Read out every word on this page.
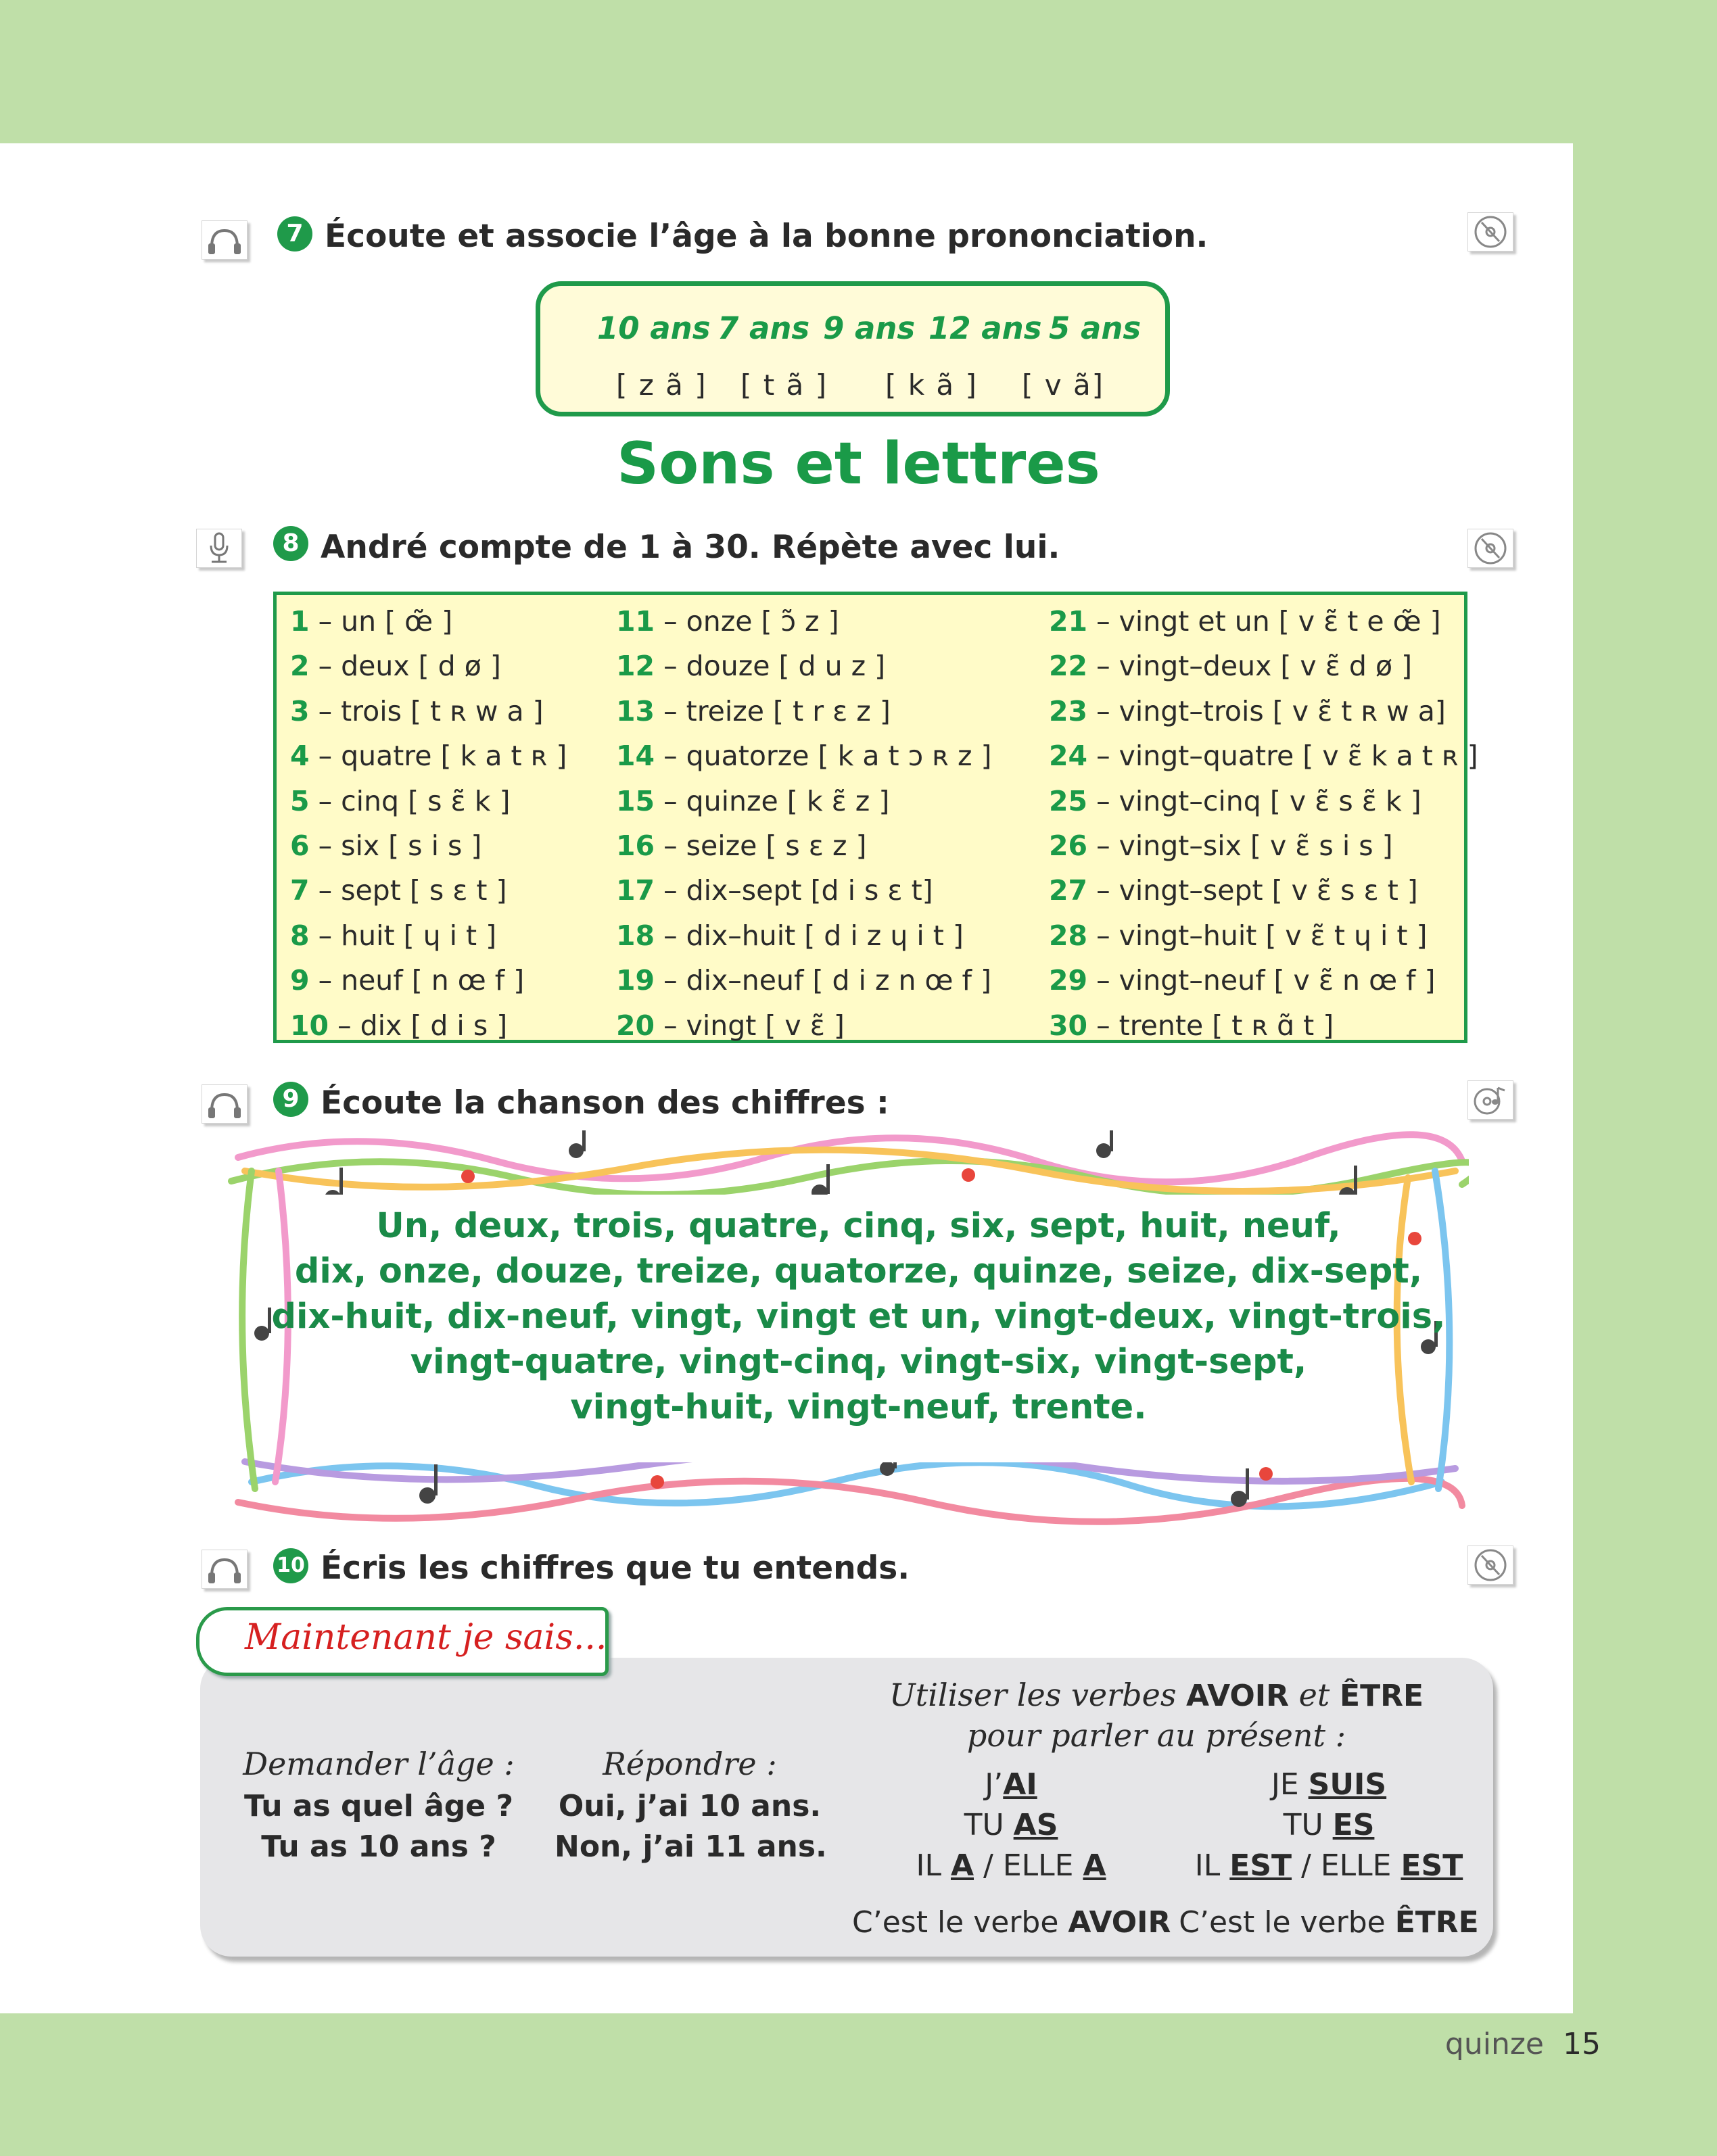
7 Écoute et associe l’âge à la bonne prononciation.
10 ans 7 ans 9 ans 12 ans 5 ans
[ z ã ] [ t ã ] [ k ã ] [ v ã]
Sons et lettres
8 André compte de 1 à 30. Répète avec lui.
1 – un [ œ̃ ]
2 – deux [ d ø ]
3 – trois [ t ʀ w a ]
4 – quatre [ k a t ʀ ]
5 – cinq [ s ɛ̃ k ]
6 – six [ s i s ]
7 – sept [ s ɛ t ]
8 – huit [ ɥ i t ]
9 – neuf [ n œ f ]
10 – dix [ d i s ]
11 – onze [ ɔ̃ z ]
12 – douze [ d u z ]
13 – treize [ t r ɛ z ]
14 – quatorze [ k a t ɔ ʀ z ]
15 – quinze [ k ɛ̃ z ]
16 – seize [ s ɛ z ]
17 – dix–sept [d i s ɛ t]
18 – dix–huit [ d i z ɥ i t ]
19 – dix–neuf [ d i z n œ f ]
20 – vingt [ v ɛ̃ ]
21 – vingt et un [ v ɛ̃ t e œ̃ ]
22 – vingt–deux [ v ɛ̃ d ø ]
23 – vingt–trois [ v ɛ̃ t ʀ w a]
24 – vingt–quatre [ v ɛ̃ k a t ʀ ]
25 – vingt–cinq [ v ɛ̃ s ɛ̃ k ]
26 – vingt–six [ v ɛ̃ s i s ]
27 – vingt–sept [ v ɛ̃ s ɛ t ]
28 – vingt–huit [ v ɛ̃ t ɥ i t ]
29 – vingt–neuf [ v ɛ̃ n œ f ]
30 – trente [ t ʀ ɑ̃ t ]
9 Écoute la chanson des chiffres :
Un, deux, trois, quatre, cinq, six, sept, huit, neuf,
dix, onze, douze, treize, quatorze, quinze, seize, dix-sept,
dix-huit, dix-neuf, vingt, vingt et un, vingt-deux, vingt-trois,
vingt-quatre, vingt-cinq, vingt-six, vingt-sept,
vingt-huit, vingt-neuf, trente.
10 Écris les chiffres que tu entends.
Maintenant je sais...
Demander l’âge :
Tu as quel âge ?
Tu as 10 ans ?
Répondre :
Oui, j’ai 10 ans.
Non, j’ai 11 ans.
Utiliser les verbes AVOIR et ÊTRE
pour parler au présent :
J’AI
TU AS
IL A / ELLE A
C’est le verbe AVOIR
JE SUIS
TU ES
IL EST / ELLE EST
C’est le verbe ÊTRE
quinze 15
